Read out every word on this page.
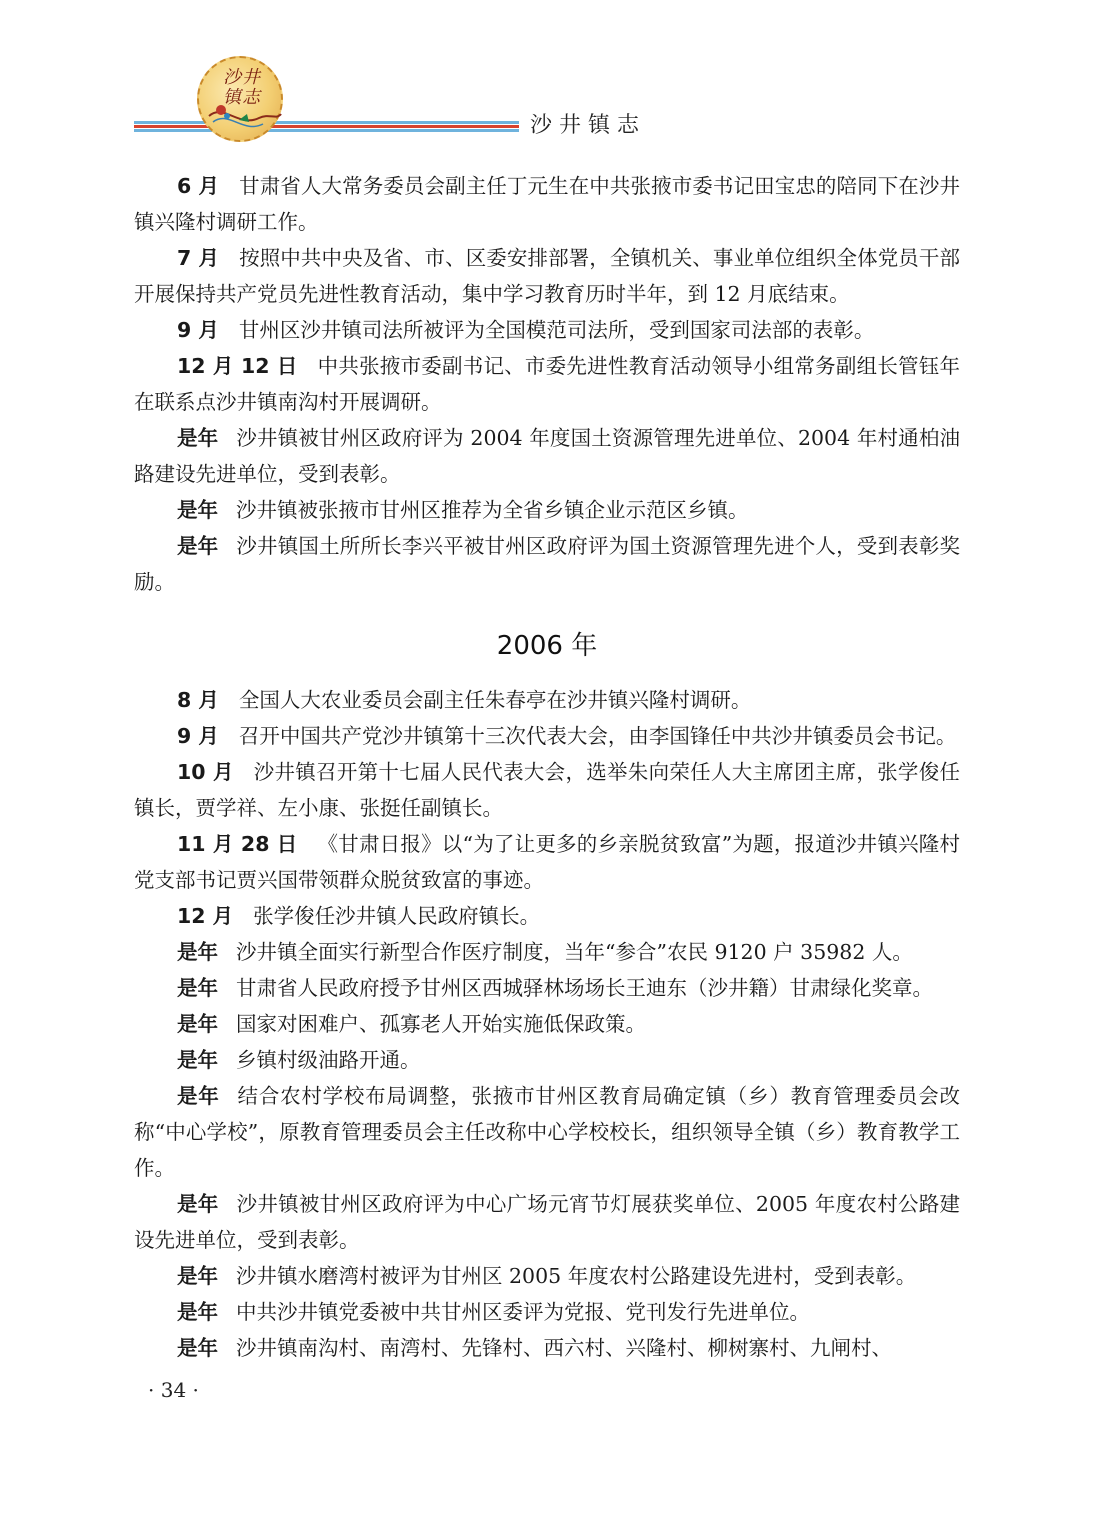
沙井镇志
沙井镇志

6 月 甘肃省人大常务委员会副主任丁元生在中共张掖市委书记田宝忠的陪同下在沙井镇兴隆村调研工作。

7 月 按照中共中央及省、市、区委安排部署，全镇机关、事业单位组织全体党员干部开展保持共产党员先进性教育活动，集中学习教育历时半年，到 12 月底结束。

9 月 甘州区沙井镇司法所被评为全国模范司法所，受到国家司法部的表彰。

12 月 12 日 中共张掖市委副书记、市委先进性教育活动领导小组常务副组长管钰年在联系点沙井镇南沟村开展调研。

是年 沙井镇被甘州区政府评为 2004 年度国土资源管理先进单位、2004 年村通柏油路建设先进单位，受到表彰。

是年 沙井镇被张掖市甘州区推荐为全省乡镇企业示范区乡镇。

是年 沙井镇国土所所长李兴平被甘州区政府评为国土资源管理先进个人，受到表彰奖励。

2006 年

8 月 全国人大农业委员会副主任朱春亭在沙井镇兴隆村调研。

9 月 召开中国共产党沙井镇第十三次代表大会，由李国锋任中共沙井镇委员会书记。

10 月 沙井镇召开第十七届人民代表大会，选举朱向荣任人大主席团主席，张学俊任镇长，贾学祥、左小康、张挺任副镇长。

11 月 28 日 《甘肃日报》以“为了让更多的乡亲脱贫致富”为题，报道沙井镇兴隆村党支部书记贾兴国带领群众脱贫致富的事迹。

12 月 张学俊任沙井镇人民政府镇长。

是年 沙井镇全面实行新型合作医疗制度，当年“参合”农民 9120 户 35982 人。

是年 甘肃省人民政府授予甘州区西城驿林场场长王迪东（沙井籍）甘肃绿化奖章。

是年 国家对困难户、孤寡老人开始实施低保政策。

是年 乡镇村级油路开通。

是年 结合农村学校布局调整，张掖市甘州区教育局确定镇（乡）教育管理委员会改称“中心学校”，原教育管理委员会主任改称中心学校校长，组织领导全镇（乡）教育教学工作。

是年 沙井镇被甘州区政府评为中心广场元宵节灯展获奖单位、2005 年度农村公路建设先进单位，受到表彰。

是年 沙井镇水磨湾村被评为甘州区 2005 年度农村公路建设先进村，受到表彰。

是年 中共沙井镇党委被中共甘州区委评为党报、党刊发行先进单位。

是年 沙井镇南沟村、南湾村、先锋村、西六村、兴隆村、柳树寨村、九闸村、

· 34 ·
